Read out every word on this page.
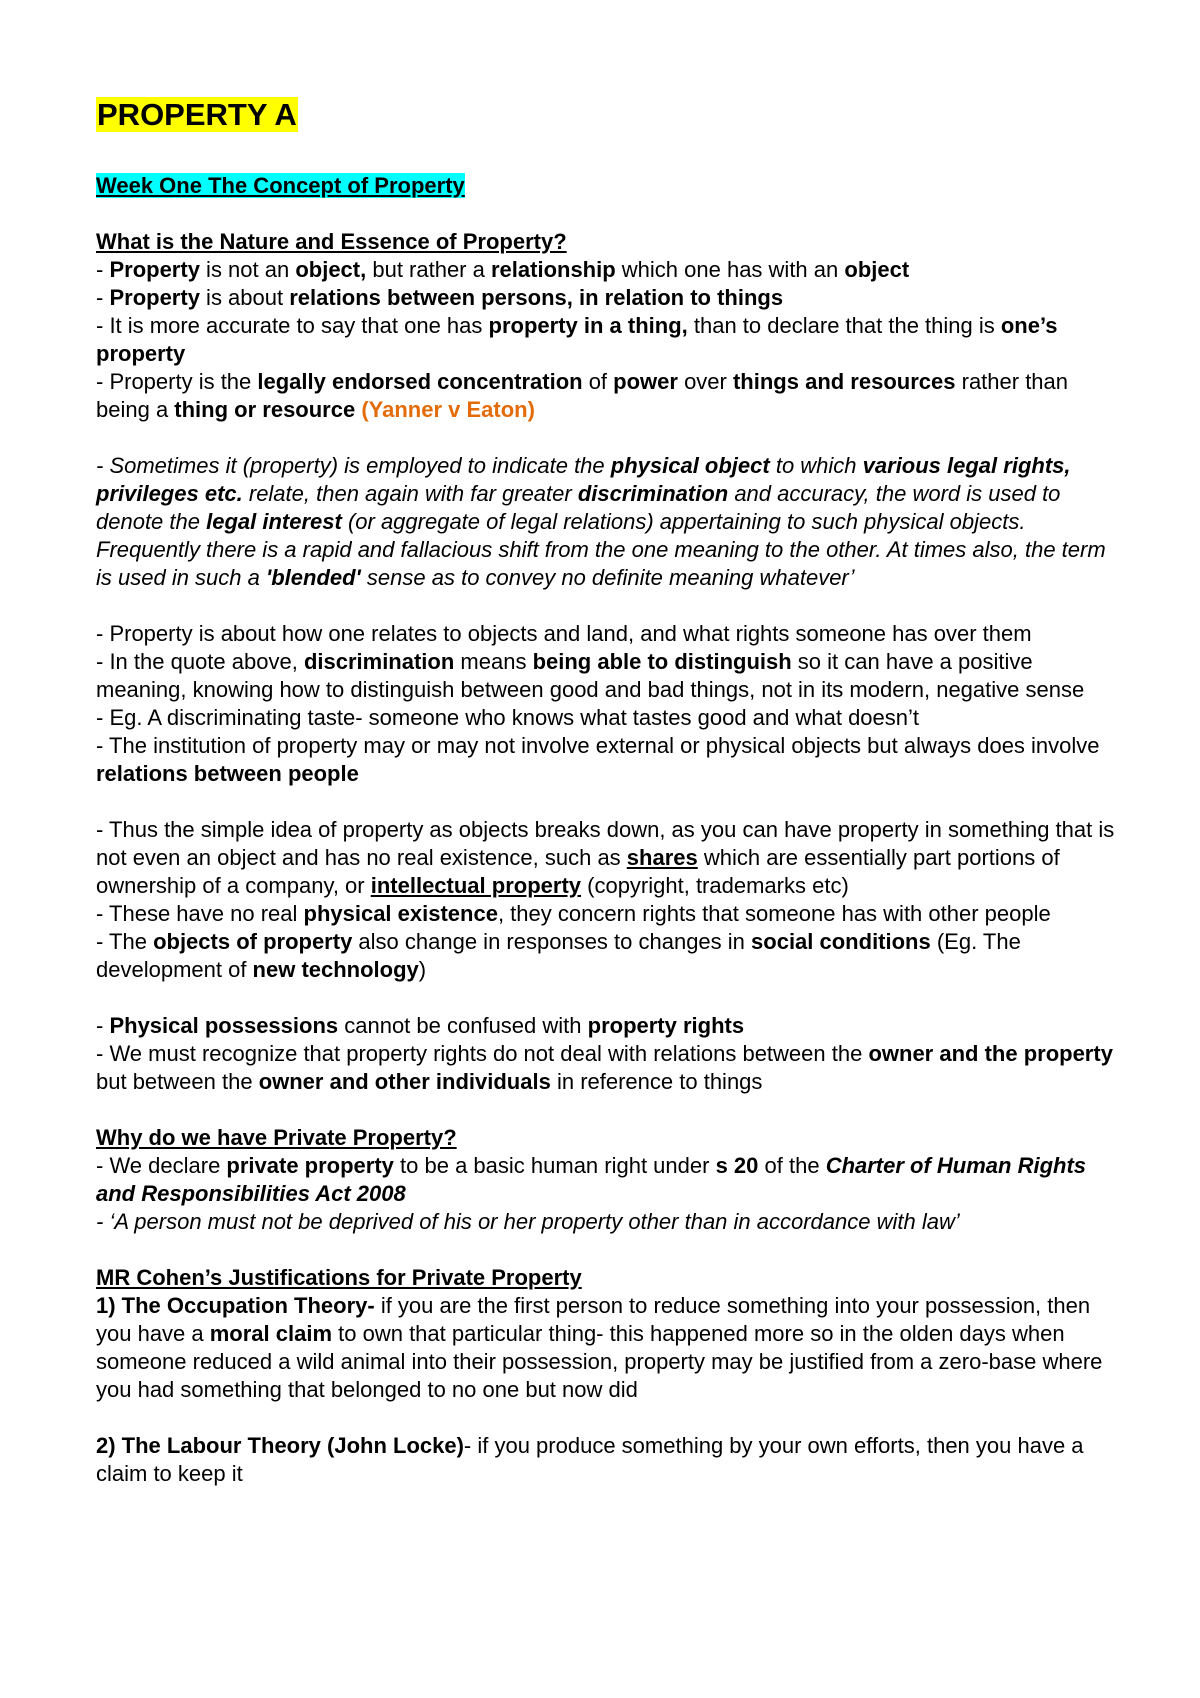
PROPERTY A
Week One The Concept of Property

What is the Nature and Essence of Property?

- Property is not an object, but rather a relationship which one has with an object

- Property is about relations between persons, in relation to things

- It is more accurate to say that one has property in a thing, than to declare that the thing is one’s property

- Property is the legally endorsed concentration of power over things and resources rather than being a thing or resource (Yanner v Eaton)

- Sometimes it (property) is employed to indicate the physical object to which various legal rights, privileges etc. relate, then again with far greater discrimination and accuracy, the word is used to denote the legal interest (or aggregate of legal relations) appertaining to such physical objects. Frequently there is a rapid and fallacious shift from the one meaning to the other. At times also, the term is used in such a 'blended' sense as to convey no definite meaning whatever’

- Property is about how one relates to objects and land, and what rights someone has over them

- In the quote above, discrimination means being able to distinguish so it can have a positive meaning, knowing how to distinguish between good and bad things, not in its modern, negative sense

- Eg. A discriminating taste- someone who knows what tastes good and what doesn’t

- The institution of property may or may not involve external or physical objects but always does involve relations between people

- Thus the simple idea of property as objects breaks down, as you can have property in something that is not even an object and has no real existence, such as shares which are essentially part portions of ownership of a company, or intellectual property (copyright, trademarks etc)

- These have no real physical existence, they concern rights that someone has with other people

- The objects of property also change in responses to changes in social conditions (Eg. The development of new technology)

- Physical possessions cannot be confused with property rights

- We must recognize that property rights do not deal with relations between the owner and the property but between the owner and other individuals in reference to things

Why do we have Private Property?

- We declare private property to be a basic human right under s 20 of the Charter of Human Rights and Responsibilities Act 2008

- ‘A person must not be deprived of his or her property other than in accordance with law’

MR Cohen’s Justifications for Private Property

1) The Occupation Theory- if you are the first person to reduce something into your possession, then you have a moral claim to own that particular thing- this happened more so in the olden days when someone reduced a wild animal into their possession, property may be justified from a zero-base where you had something that belonged to no one but now did

2) The Labour Theory (John Locke)- if you produce something by your own efforts, then you have a claim to keep it
